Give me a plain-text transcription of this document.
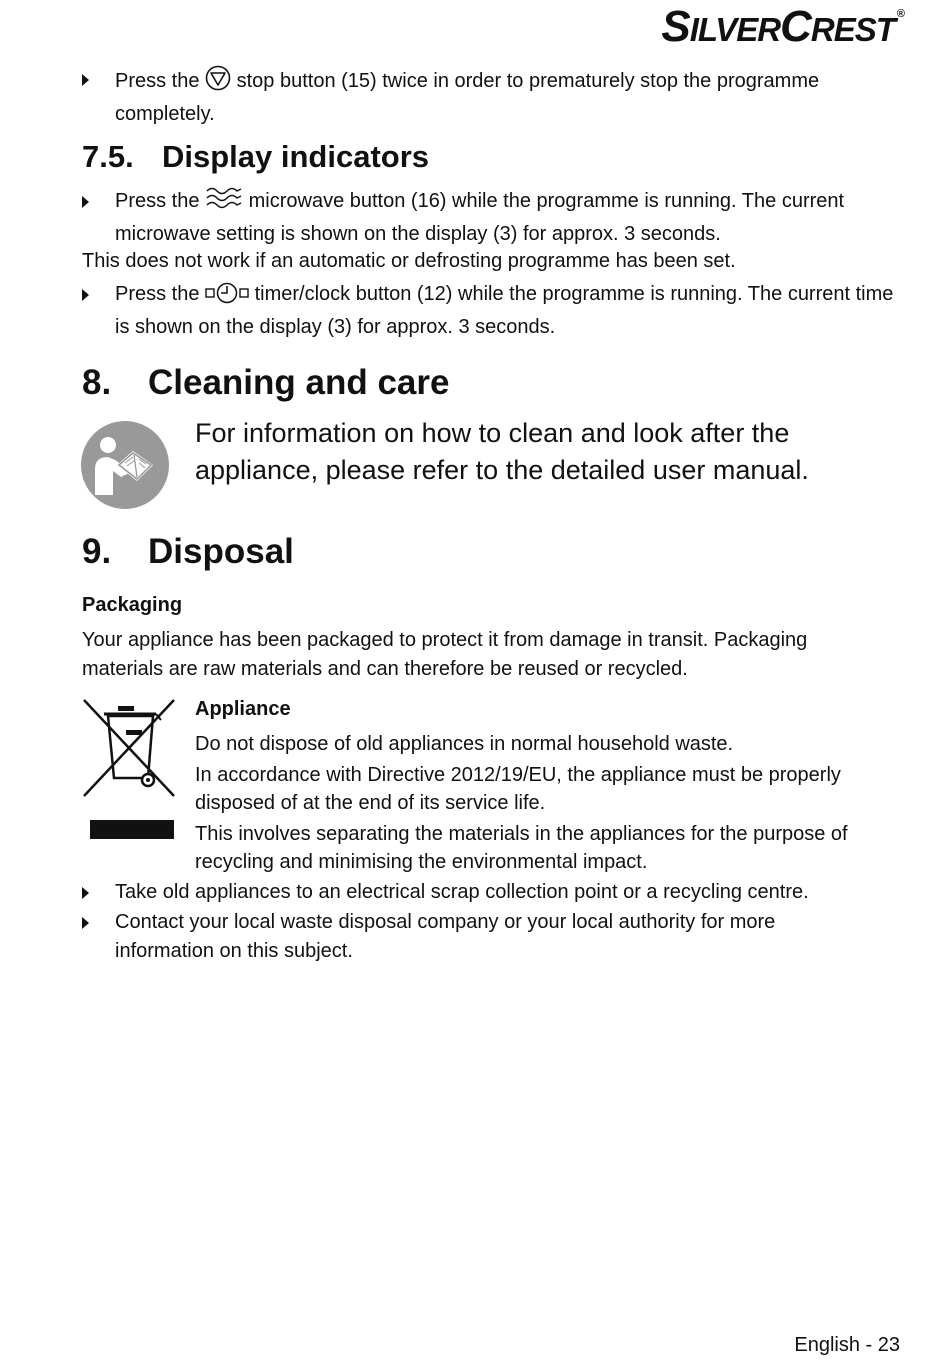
SILVERCREST ®
Press the stop button (15) twice in order to prematurely stop the programme
completely.
7.5. Display indicators
Press the microwave button (16) while the programme is running. The current
microwave setting is shown on the display (3) for approx. 3 seconds.
This does not work if an automatic or defrosting programme has been set.
Press the	timer/clock button (12) while the programme is running. The current time
is shown on the display (3) for approx. 3 seconds.
8. Cleaning and care
For information on how to clean and look after the
appliance, please refer to the detailed user manual.
9. Disposal
Packaging
Your appliance has been packaged to protect it from damage in transit. Packaging
materials are raw materials and can therefore be reused or recycled.
Appliance
Do not dispose of old appliances in normal household waste.
In accordance with Directive 2012/19/EU, the appliance must be properly
disposed of at the end of its service life.
This involves separating the materials in the appliances for the purpose of
recycling and minimising the environmental impact.
Take old appliances to an electrical scrap collection point or a recycling centre.
Contact your local waste disposal company or your local authority for more
information on this subject.
English - 23
